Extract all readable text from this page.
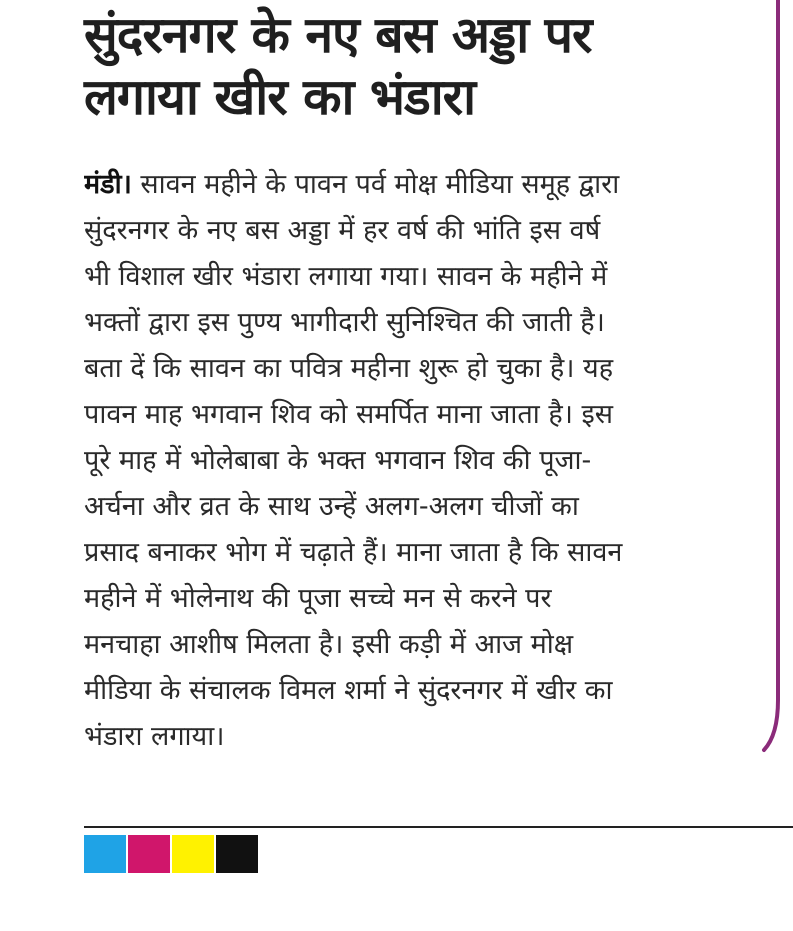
सुंदरनगर के नए बस अड्डा पर
लगाया खीर का भंडारा
मंडी। सावन महीने के पावन पर्व मोक्ष मीडिया समूह द्वारा
सुंदरनगर के नए बस अड्डा में हर वर्ष की भांति इस वर्ष
भी विशाल खीर भंडारा लगाया गया। सावन के महीने में
भक्तों द्वारा इस पुण्य भागीदारी सुनिश्चित की जाती है।
बता दें कि सावन का पवित्र महीना शुरू हो चुका है। यह
पावन माह भगवान शिव को समर्पित माना जाता है। इस
पूरे माह में भोलेबाबा के भक्त भगवान शिव की पूजा-
अर्चना और व्रत के साथ उन्हें अलग-अलग चीजों का
प्रसाद बनाकर भोग में चढ़ाते हैं। माना जाता है कि सावन
महीने में भोलेनाथ की पूजा सच्चे मन से करने पर
मनचाहा आशीष मिलता है। इसी कड़ी में आज मोक्ष
मीडिया के संचालक विमल शर्मा ने सुंदरनगर में खीर का
भंडारा लगाया।
